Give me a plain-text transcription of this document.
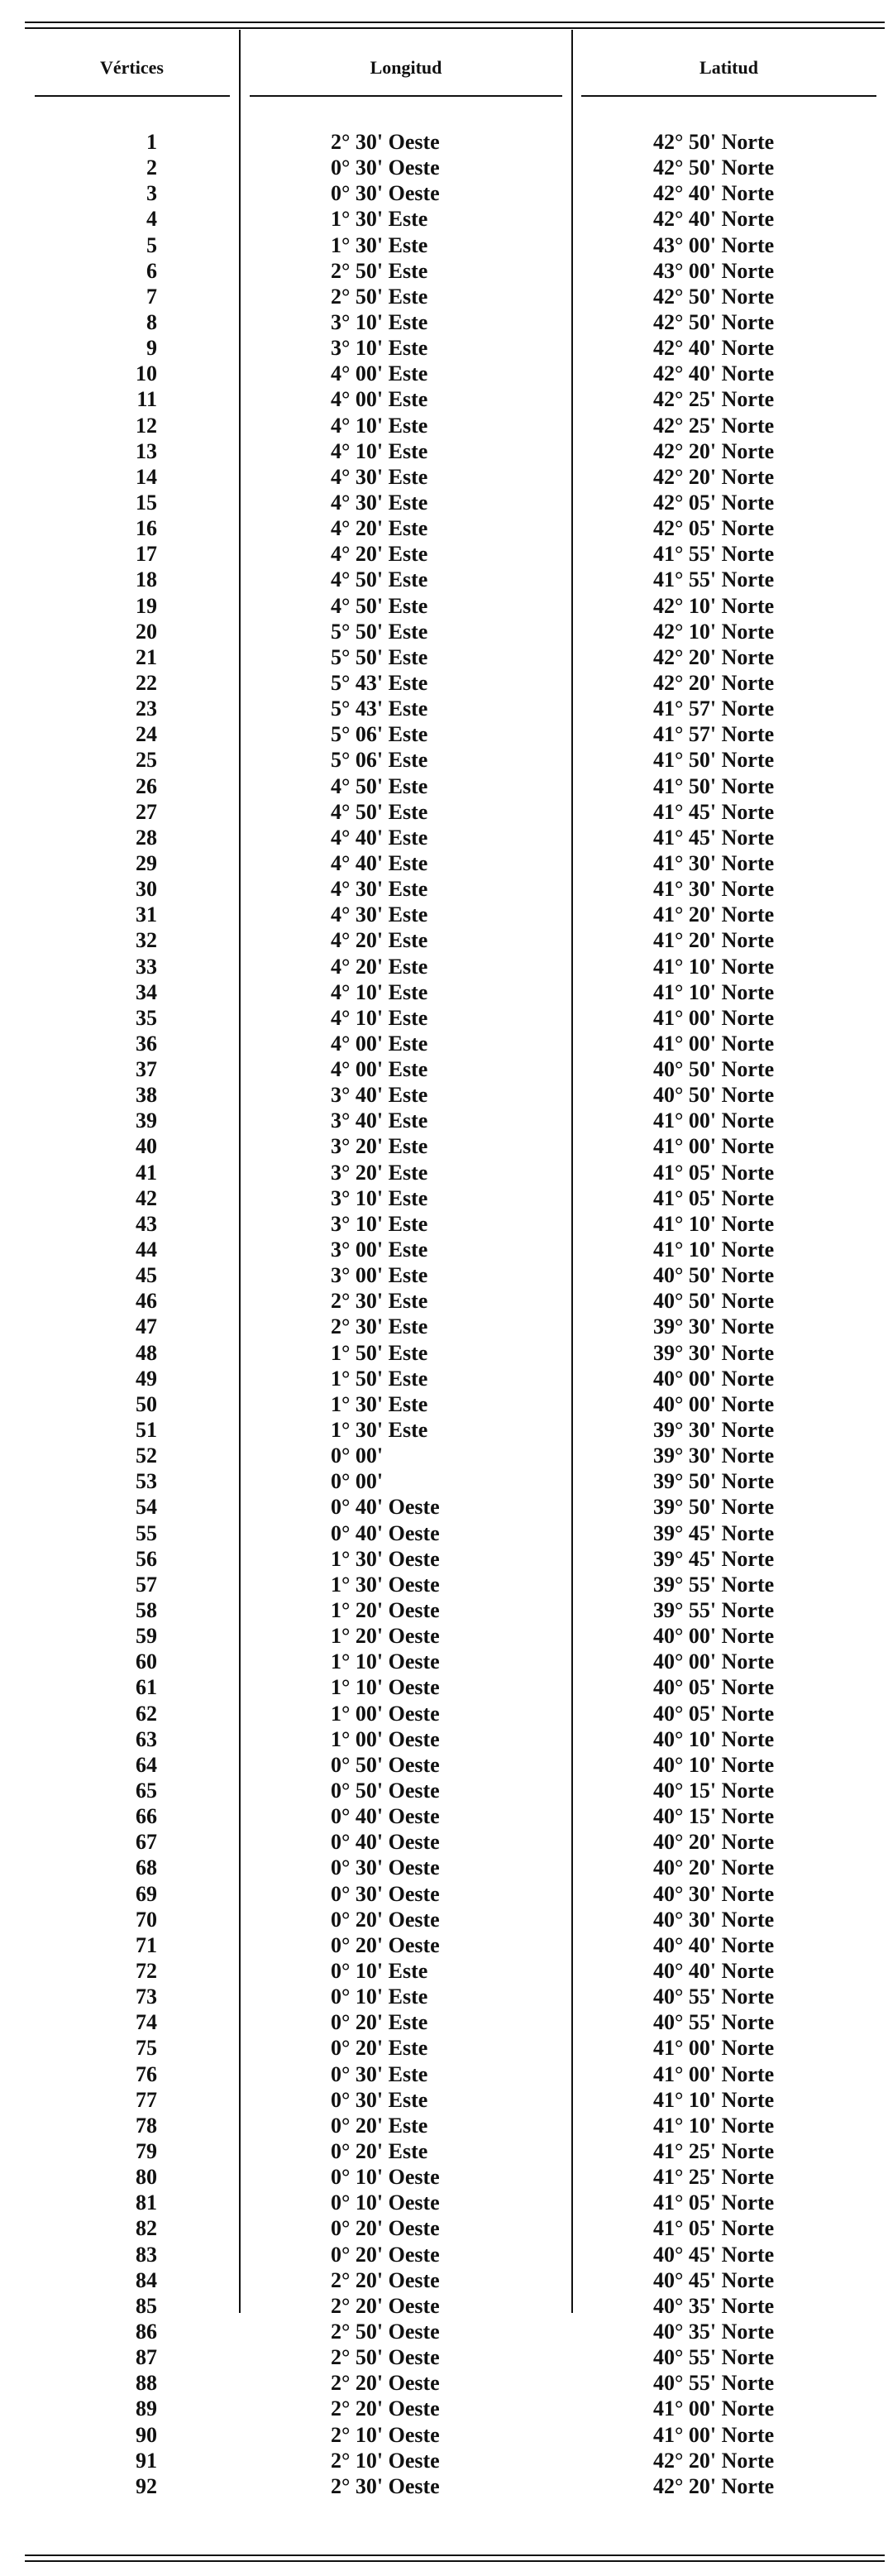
Vértices	Longitud	Latitud
1	2° 30' Oeste	42° 50' Norte
2	0° 30' Oeste	42° 50' Norte
3	0° 30' Oeste	42° 40' Norte
4	1° 30' Este	42° 40' Norte
5	1° 30' Este	43° 00' Norte
6	2° 50' Este	43° 00' Norte
7	2° 50' Este	42° 50' Norte
8	3° 10' Este	42° 50' Norte
9	3° 10' Este	42° 40' Norte
10	4° 00' Este	42° 40' Norte
11	4° 00' Este	42° 25' Norte
12	4° 10' Este	42° 25' Norte
13	4° 10' Este	42° 20' Norte
14	4° 30' Este	42° 20' Norte
15	4° 30' Este	42° 05' Norte
16	4° 20' Este	42° 05' Norte
17	4° 20' Este	41° 55' Norte
18	4° 50' Este	41° 55' Norte
19	4° 50' Este	42° 10' Norte
20	5° 50' Este	42° 10' Norte
21	5° 50' Este	42° 20' Norte
22	5° 43' Este	42° 20' Norte
23	5° 43' Este	41° 57' Norte
24	5° 06' Este	41° 57' Norte
25	5° 06' Este	41° 50' Norte
26	4° 50' Este	41° 50' Norte
27	4° 50' Este	41° 45' Norte
28	4° 40' Este	41° 45' Norte
29	4° 40' Este	41° 30' Norte
30	4° 30' Este	41° 30' Norte
31	4° 30' Este	41° 20' Norte
32	4° 20' Este	41° 20' Norte
33	4° 20' Este	41° 10' Norte
34	4° 10' Este	41° 10' Norte
35	4° 10' Este	41° 00' Norte
36	4° 00' Este	41° 00' Norte
37	4° 00' Este	40° 50' Norte
38	3° 40' Este	40° 50' Norte
39	3° 40' Este	41° 00' Norte
40	3° 20' Este	41° 00' Norte
41	3° 20' Este	41° 05' Norte
42	3° 10' Este	41° 05' Norte
43	3° 10' Este	41° 10' Norte
44	3° 00' Este	41° 10' Norte
45	3° 00' Este	40° 50' Norte
46	2° 30' Este	40° 50' Norte
47	2° 30' Este	39° 30' Norte
48	1° 50' Este	39° 30' Norte
49	1° 50' Este	40° 00' Norte
50	1° 30' Este	40° 00' Norte
51	1° 30' Este	39° 30' Norte
52	0° 00'	39° 30' Norte
53	0° 00'	39° 50' Norte
54	0° 40' Oeste	39° 50' Norte
55	0° 40' Oeste	39° 45' Norte
56	1° 30' Oeste	39° 45' Norte
57	1° 30' Oeste	39° 55' Norte
58	1° 20' Oeste	39° 55' Norte
59	1° 20' Oeste	40° 00' Norte
60	1° 10' Oeste	40° 00' Norte
61	1° 10' Oeste	40° 05' Norte
62	1° 00' Oeste	40° 05' Norte
63	1° 00' Oeste	40° 10' Norte
64	0° 50' Oeste	40° 10' Norte
65	0° 50' Oeste	40° 15' Norte
66	0° 40' Oeste	40° 15' Norte
67	0° 40' Oeste	40° 20' Norte
68	0° 30' Oeste	40° 20' Norte
69	0° 30' Oeste	40° 30' Norte
70	0° 20' Oeste	40° 30' Norte
71	0° 20' Oeste	40° 40' Norte
72	0° 10' Este	40° 40' Norte
73	0° 10' Este	40° 55' Norte
74	0° 20' Este	40° 55' Norte
75	0° 20' Este	41° 00' Norte
76	0° 30' Este	41° 00' Norte
77	0° 30' Este	41° 10' Norte
78	0° 20' Este	41° 10' Norte
79	0° 20' Este	41° 25' Norte
80	0° 10' Oeste	41° 25' Norte
81	0° 10' Oeste	41° 05' Norte
82	0° 20' Oeste	41° 05' Norte
83	0° 20' Oeste	40° 45' Norte
84	2° 20' Oeste	40° 45' Norte
85	2° 20' Oeste	40° 35' Norte
86	2° 50' Oeste	40° 35' Norte
87	2° 50' Oeste	40° 55' Norte
88	2° 20' Oeste	40° 55' Norte
89	2° 20' Oeste	41° 00' Norte
90	2° 10' Oeste	41° 00' Norte
91	2° 10' Oeste	42° 20' Norte
92	2° 30' Oeste	42° 20' Norte
